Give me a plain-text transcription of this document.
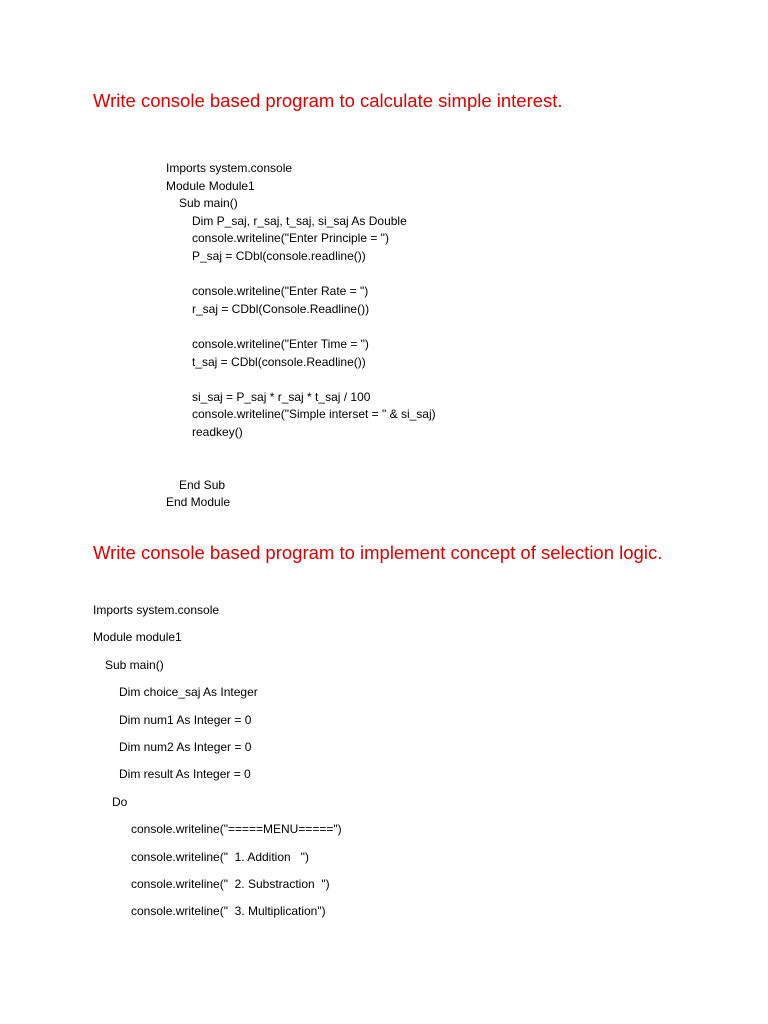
Write console based program to calculate simple interest.
Imports system.console
Module Module1
Sub main()
Dim P_saj, r_saj, t_saj, si_saj As Double
console.writeline("Enter Principle = ")
P_saj = CDbl(console.readline())
console.writeline("Enter Rate = ")
r_saj = CDbl(Console.Readline())
console.writeline("Enter Time = ")
t_saj = CDbl(console.Readline())
si_saj = P_saj * r_saj * t_saj / 100
console.writeline("Simple interset = " & si_saj)
readkey()
End Sub
End Module
Write console based program to implement concept of selection logic.
Imports system.console
Module module1
Sub main()
Dim choice_saj As Integer
Dim num1 As Integer = 0
Dim num2 As Integer = 0
Dim result As Integer = 0
Do
console.writeline("=====MENU=====")
console.writeline("  1. Addition   ")
console.writeline("  2. Substraction  ")
console.writeline("  3. Multiplication")
